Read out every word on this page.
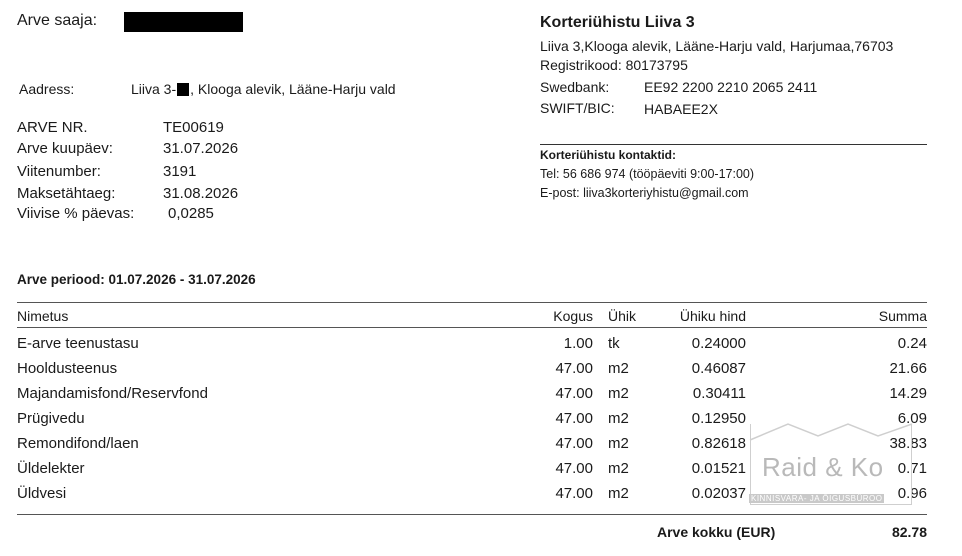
Arve saaja:
Aadress:	Liiva 3- , Klooga alevik, Lääne-Harju vald
ARVE NR.	TE00619
Arve kuupäev:	31.07.2026
Viitenumber:	3191
Maksetähtaeg:	31.08.2026
Viivise % päevas: 0,0285
Korteriühistu Liiva 3
Liiva 3,Klooga alevik, Lääne-Harju vald, Harjumaa,76703
Registrikood: 80173795
Swedbank: EE92 2200 2210 2065 2411
SWIFT/BIC: HABAEE2X
Korteriühistu kontaktid:
Tel: 56 686 974 (tööpäeviti 9:00-17:00)
E-post: liiva3korteriyhistu@gmail.com
Arve periood: 01.07.2026 - 31.07.2026
Nimetus	Kogus Ühik	Ühiku hind	Summa
E-arve teenustasu	1.00 tk	0.24000	0.24
Hooldusteenus	47.00 m2	0.46087	21.66
Majandamisfond/Reservfond	47.00 m2	0.30411	14.29
Prügivedu	47.00 m2	0.12950	6.09
Remondifond/laen	47.00 m2	0.82618	38.83
Üldelekter	47.00 m2	0.01521	0.71
Üldvesi	47.00 m2	0.02037	0.96
Raid & Ko
KINNISVARA- JA ÕIGUSBÜROO
Arve kokku (EUR)	82.78
